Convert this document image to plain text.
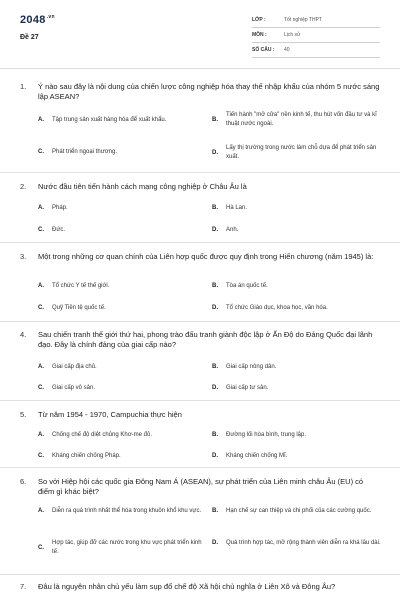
$2048^{.vn}$
Đề 27
LỚP :	Tốt nghiệp THPT
MÔN :	Lịch sử
SỐ CÂU : 40
1. Ý nào sau đây là nội dung của chiến lược công nghiệp hóa thay thế nhập khẩu của nhóm 5 nước sáng lập ASEAN?
A.	Tập trung sản xuất hàng hóa để xuất khẩu.	B.
Tiến hành "mở cửa" nền kinh tế, thu hút vốn đầu tư và kĩ thuật nước ngoài.
C.	Phát triển ngoại thương.	D.
Lấy thị trường trong nước làm chỗ dựa để phát triển sản xuất.
2. Nước đầu tiên tiến hành cách mạng công nghiệp ở Châu Âu là
A.	Pháp.	B.	Hà Lan.
C.	Đức.	D.	Anh.
3. Một trong những cơ quan chính của Liên hợp quốc được quy định trong Hiến chương (năm 1945) là:
A.	Tổ chức Y tế thế giới.	B.	Tòa án quốc tế.
C.	Quỹ Tiền tệ quốc tế.	D.	Tổ chức Giáo dục, khoa học, văn hóa.
4. Sau chiến tranh thế giới thứ hai, phong trào đấu tranh giành độc lập ở Ấn Độ do Đảng Quốc đại lãnh đạo. Đây là chính đảng của giai cấp nào?
A.	Giai cấp địa chủ.	B.	Giai cấp nông dân.
C.	Giai cấp vô sản.	D.	Giai cấp tư sản.
5. Từ năm 1954 - 1970, Campuchia thực hiện
A.	Chống chế độ diệt chủng Khơ-me đỏ.	B.	Đường lối hòa bình, trung lập.
C.	Kháng chiến chống Pháp.	D.	Kháng chiến chống Mĩ.
6. So với Hiệp hội các quốc gia Đông Nam Á (ASEAN), sự phát triển của Liên minh châu Âu (EU) có điểm gì khác biệt?
A.	Diễn ra quá trình nhất thể hóa trong khuôn khổ khu vực. B.	Hạn chế sự can thiệp và chi phối của các cường quốc.
C.
Hợp tác, giúp đỡ các nước trong khu vực phát triển kinh tế.
D.	Quá trình hợp tác, mở rộng thành viên diễn ra khá lâu dài.
7. Đâu là nguyên nhân chủ yếu làm sụp đổ chế độ Xã hội chủ nghĩa ở Liên Xô và Đông Âu?
